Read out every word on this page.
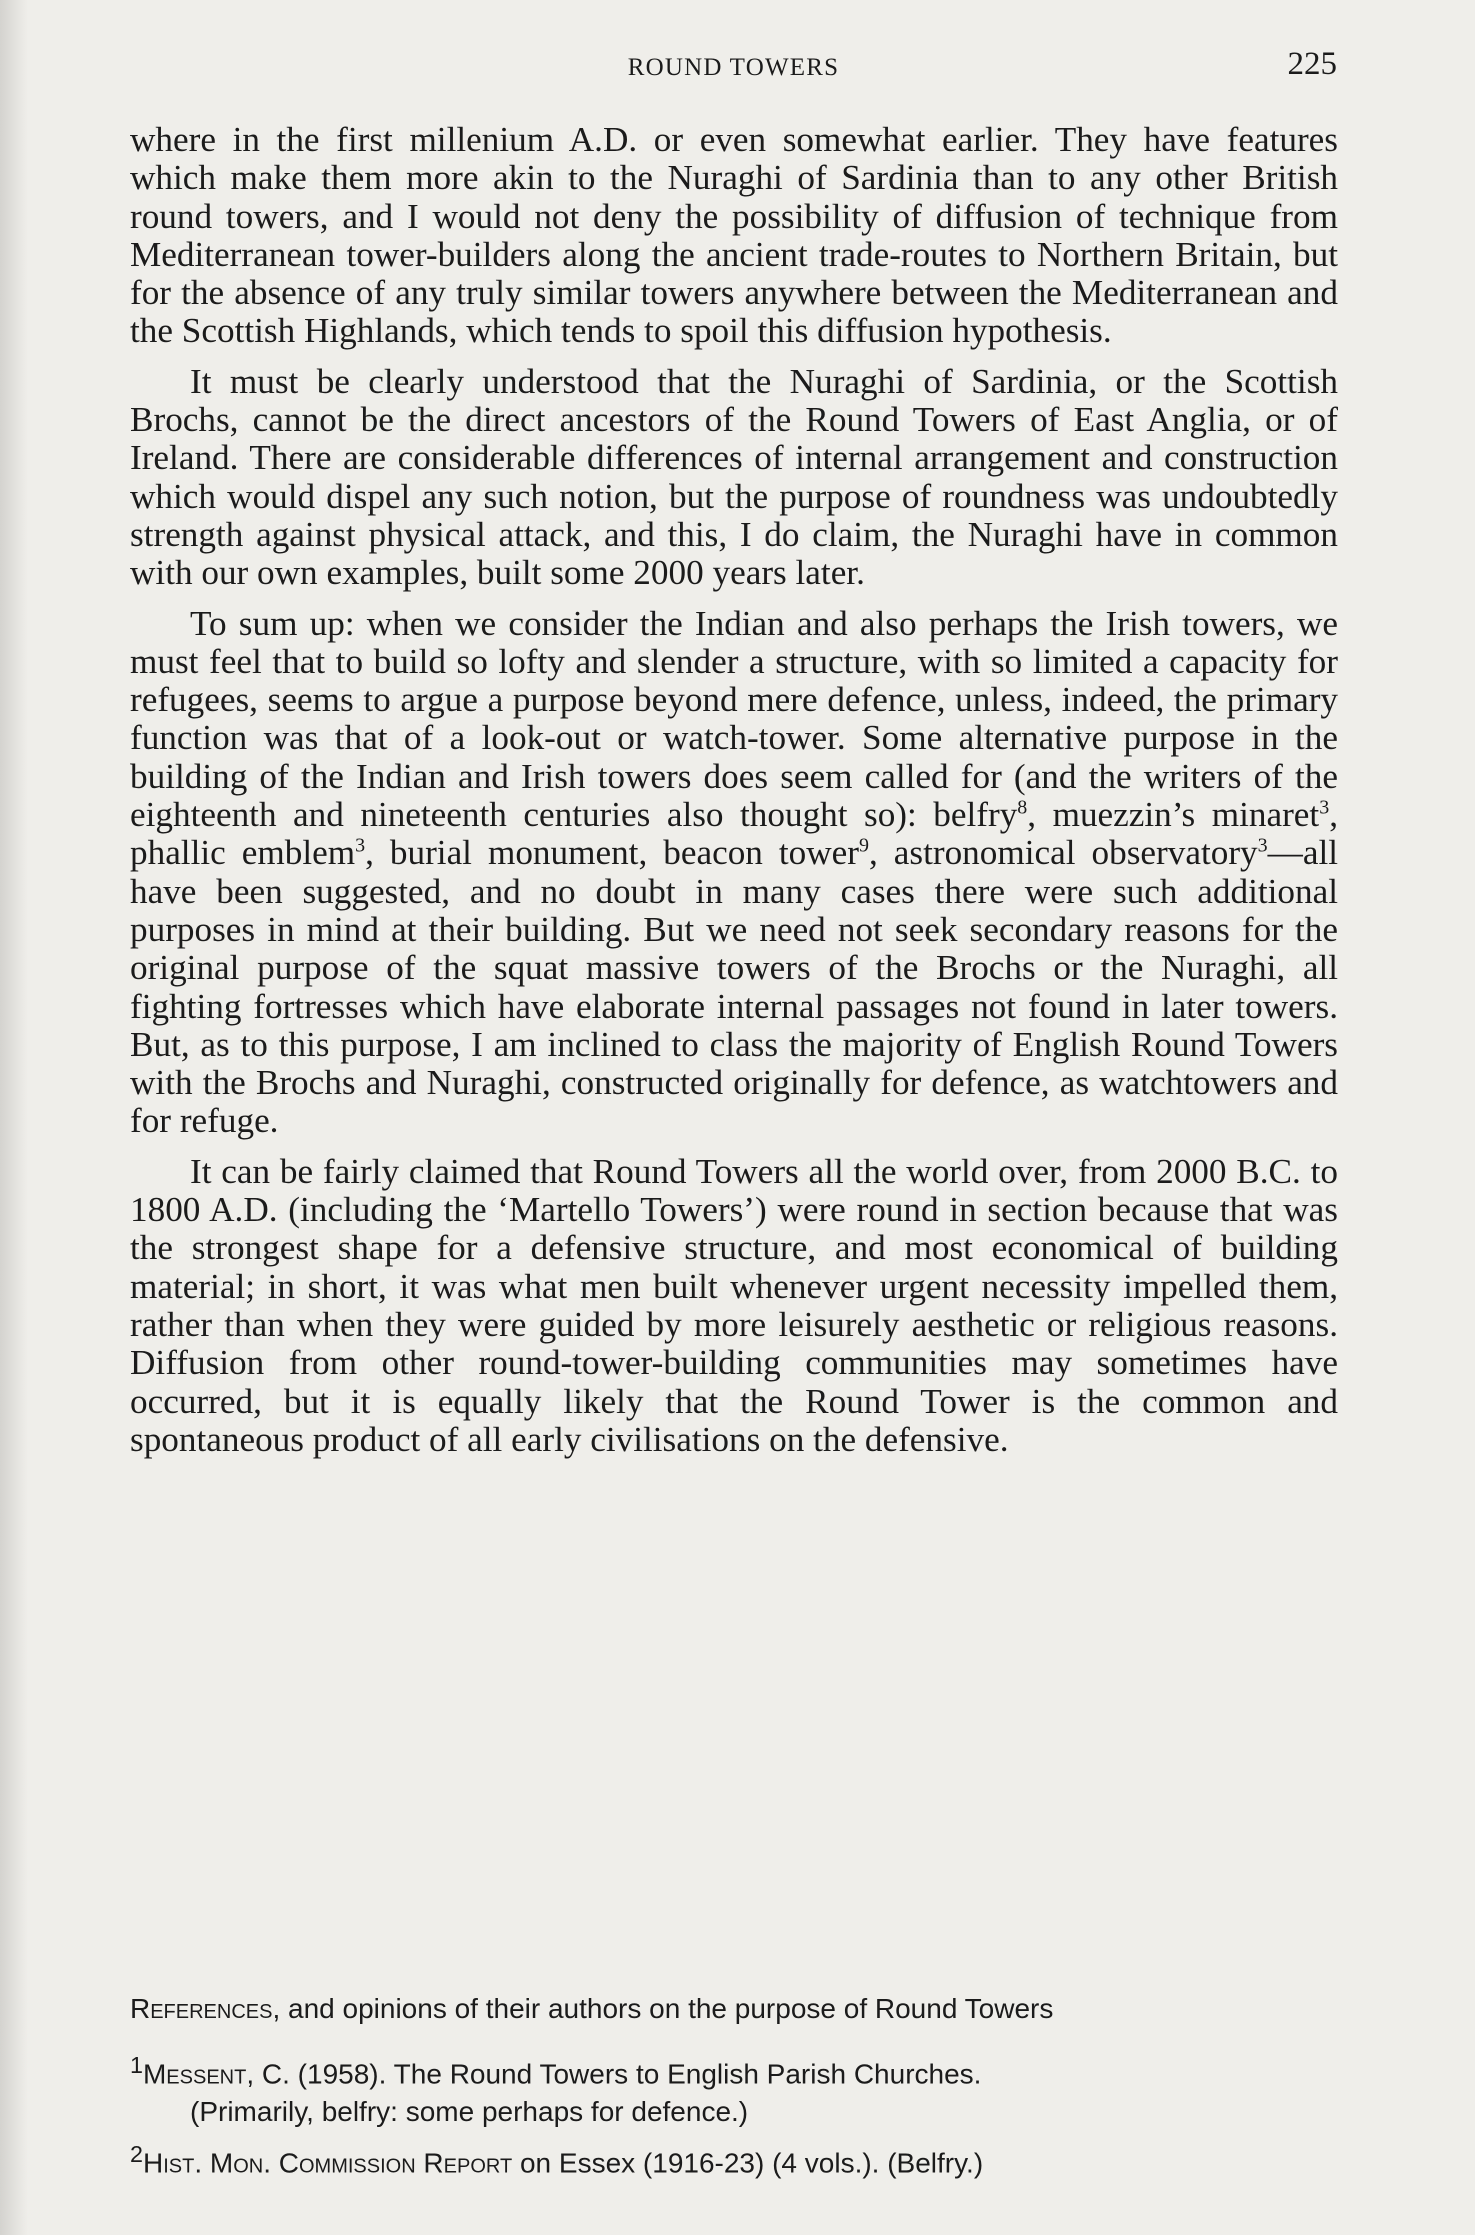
ROUND TOWERS	225

where in the first millenium A.D. or even somewhat earlier. They have features which make them more akin to the Nuraghi of Sardinia than to any other British round towers, and I would not deny the possibility of diffusion of technique from Mediterranean tower-builders along the ancient trade-routes to Northern Britain, but for the absence of any truly similar towers anywhere between the Mediterranean and the Scottish Highlands, which tends to spoil this diffusion hypothesis.

It must be clearly understood that the Nuraghi of Sardinia, or the Scottish Brochs, cannot be the direct ancestors of the Round Towers of East Anglia, or of Ireland. There are considerable differences of internal arrangement and construction which would dispel any such notion, but the purpose of roundness was undoubtedly strength against physical attack, and this, I do claim, the Nuraghi have in common with our own examples, built some 2000 years later.

To sum up: when we consider the Indian and also perhaps the Irish towers, we must feel that to build so lofty and slender a structure, with so limited a capacity for refugees, seems to argue a purpose beyond mere defence, unless, indeed, the primary function was that of a look-out or watch-tower. Some alternative purpose in the building of the Indian and Irish towers does seem called for (and the writers of the eighteenth and nineteenth centuries also thought so): belfry$^8$, muezzin’s minaret$^3$, phallic emblem$^3$, burial monument, beacon tower$^9$, astronomical observatory$^3$—all have been suggested, and no doubt in many cases there were such additional purposes in mind at their building. But we need not seek secondary reasons for the original purpose of the squat massive towers of the Brochs or the Nuraghi, all fighting fortresses which have elaborate internal passages not found in later towers. But, as to this purpose, I am inclined to class the majority of English Round Towers with the Brochs and Nuraghi, constructed originally for defence, as watchtowers and for refuge.

It can be fairly claimed that Round Towers all the world over, from 2000 B.C. to 1800 A.D. (including the ‘Martello Towers’) were round in section because that was the strongest shape for a defensive structure, and most economical of building material; in short, it was what men built whenever urgent necessity impelled them, rather than when they were guided by more leisurely aesthetic or religious reasons. Diffusion from other round-tower-building communities may sometimes have occurred, but it is equally likely that the Round Tower is the common and spontaneous product of all early civilisations on the defensive.

References, and opinions of their authors on the purpose of Round Towers

$^1$Messent, C. (1958). The Round Towers to English Parish Churches.

(Primarily, belfry: some perhaps for defence.)

$^2$Hist. Mon. Commission Report on Essex (1916-23) (4 vols.). (Belfry.)
